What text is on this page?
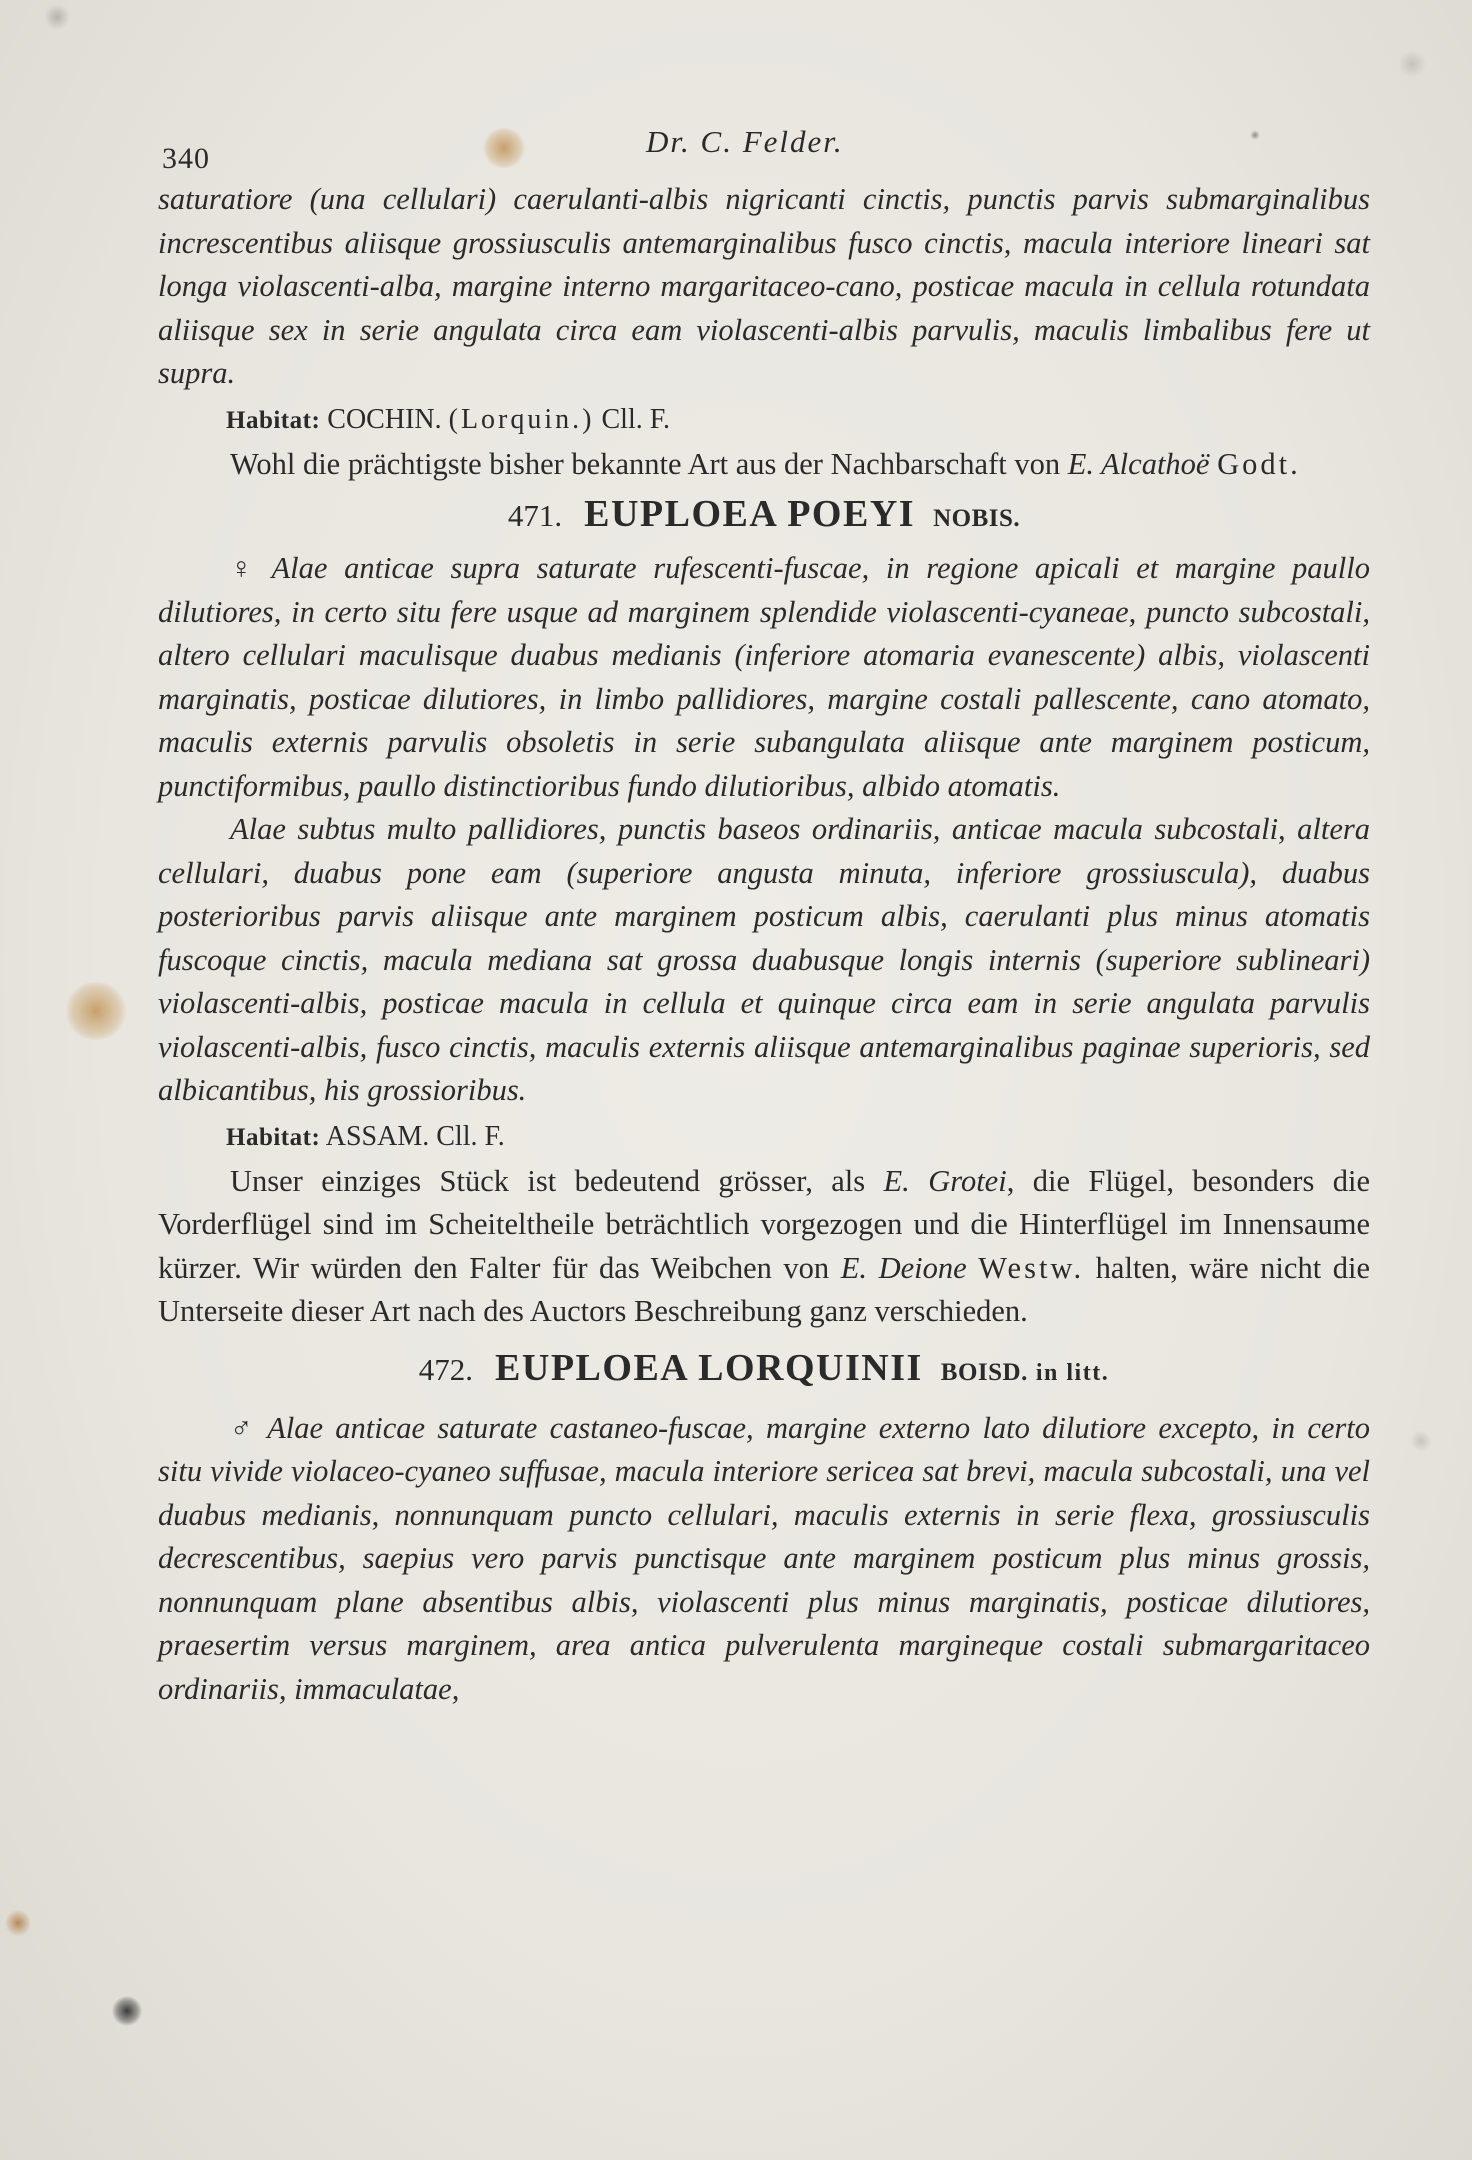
340	Dr. C. Felder.

saturatiore (una cellulari) caerulanti-albis nigricanti cinctis, punctis parvis submarginalibus increscentibus aliisque grossiusculis antemarginalibus fusco cinctis, macula interiore lineari sat longa violascenti-alba, margine interno margaritaceo-cano, posticae macula in cellula rotundata aliisque sex in serie angulata circa eam violascenti-albis parvulis, maculis limbalibus fere ut supra.

Habitat: COCHIN. (Lorquin.) Cll. F.

Wohl die prächtigste bisher bekannte Art aus der Nachbarschaft von E. Alcathoë Godt.

471. EUPLOEA POEYI NOBIS.

♀ Alae anticae supra saturate rufescenti-fuscae, in regione apicali et margine paullo dilutiores, in certo situ fere usque ad marginem splendide violascenti-cyaneae, puncto subcostali, altero cellulari maculisque duabus medianis (inferiore atomaria evanescente) albis, violascenti marginatis, posticae dilutiores, in limbo pallidiores, margine costali pallescente, cano atomato, maculis externis parvulis obsoletis in serie subangulata aliisque ante marginem posticum, punctiformibus, paullo distinctioribus fundo dilutioribus, albido atomatis.

Alae subtus multo pallidiores, punctis baseos ordinariis, anticae macula subcostali, altera cellulari, duabus pone eam (superiore angusta minuta, inferiore grossiuscula), duabus posterioribus parvis aliisque ante marginem posticum albis, caerulanti plus minus atomatis fuscoque cinctis, macula mediana sat grossa duabusque longis internis (superiore sublineari) violascenti-albis, posticae macula in cellula et quinque circa eam in serie angulata parvulis violascenti-albis, fusco cinctis, maculis externis aliisque antemarginalibus paginae superioris, sed albicantibus, his grossioribus.

Habitat: ASSAM. Cll. F.

Unser einziges Stück ist bedeutend grösser, als E. Grotei, die Flügel, besonders die Vorderflügel sind im Scheiteltheile beträchtlich vorgezogen und die Hinterflügel im Innensaume kürzer. Wir würden den Falter für das Weibchen von E. Deione Westw. halten, wäre nicht die Unterseite dieser Art nach des Auctors Beschreibung ganz verschieden.

472. EUPLOEA LORQUINII BOISD. in litt.

♂ Alae anticae saturate castaneo-fuscae, margine externo lato dilutiore excepto, in certo situ vivide violaceo-cyaneo suffusae, macula interiore sericea sat brevi, macula subcostali, una vel duabus medianis, nonnunquam puncto cellulari, maculis externis in serie flexa, grossiusculis decrescentibus, saepius vero parvis punctisque ante marginem posticum plus minus grossis, nonnunquam plane absentibus albis, violascenti plus minus marginatis, posticae dilutiores, praesertim versus marginem, area antica pulverulenta margineque costali submargaritaceo ordinariis, immaculatae,
